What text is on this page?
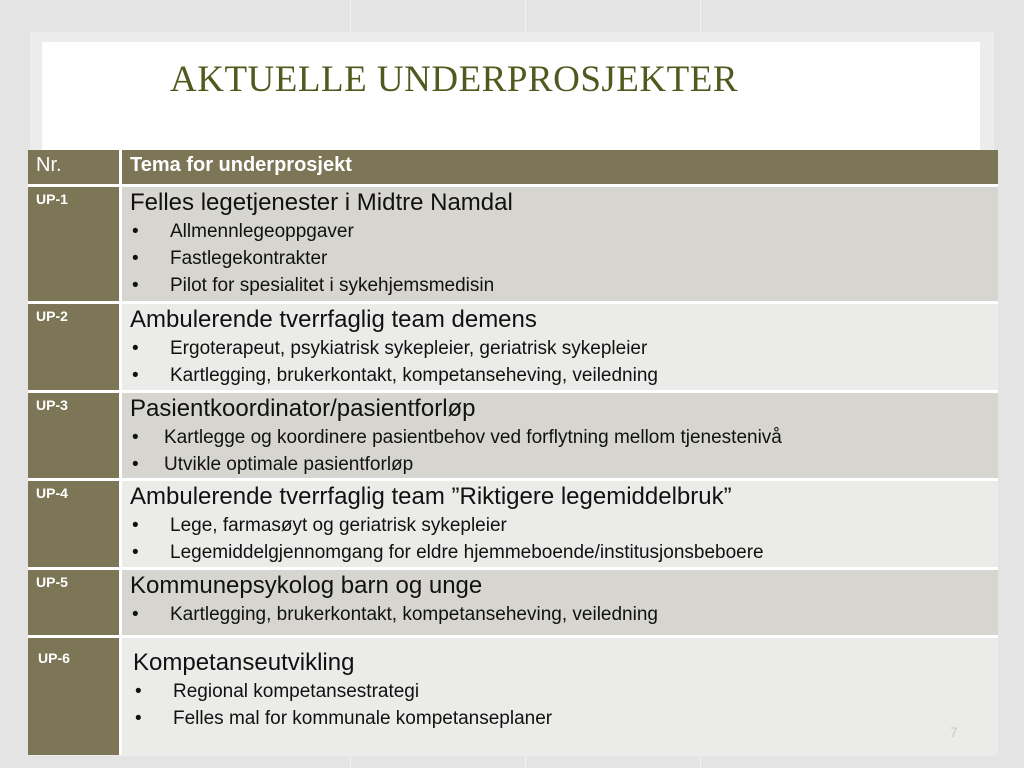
AKTUELLE UNDERPROSJEKTER
Nr.	Tema for underprosjekt
UP-1	Felles legetjenester i Midtre Namdal
•	Allmennlegeoppgaver
•	Fastlegekontrakter
•	Pilot for spesialitet i sykehjemsmedisin
UP-2	Ambulerende tverrfaglig team demens
•	Ergoterapeut, psykiatrisk sykepleier, geriatrisk sykepleier
•	Kartlegging, brukerkontakt, kompetanseheving, veiledning
UP-3	Pasientkoordinator/pasientforløp
•	Kartlegge og koordinere pasientbehov ved forflytning mellom tjenestenivå
•	Utvikle optimale pasientforløp
UP-4	Ambulerende tverrfaglig team ”Riktigere legemiddelbruk”
•	Lege, farmasøyt og geriatrisk sykepleier
•	Legemiddelgjennomgang for eldre hjemmeboende/institusjonsbeboere
UP-5	Kommunepsykolog barn og unge
•	Kartlegging, brukerkontakt, kompetanseheving, veiledning
UP-6	Kompetanseutvikling
•	Regional kompetansestrategi
•	Felles mal for kommunale kompetanseplaner
7
